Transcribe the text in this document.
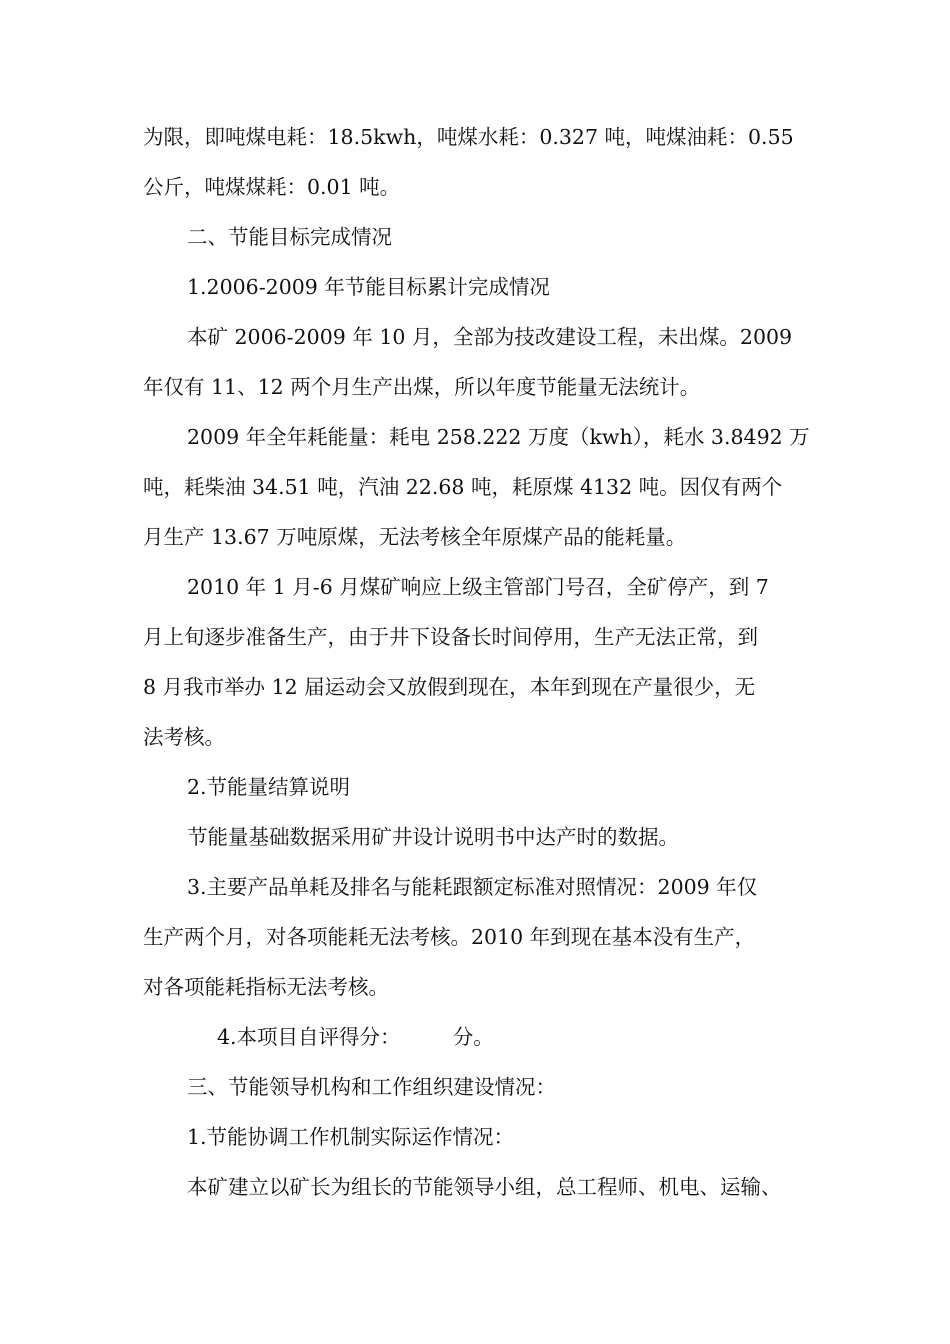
为限，即吨煤电耗：18.5kwh，吨煤水耗：0.327 吨，吨煤油耗：0.55
公斤，吨煤煤耗：0.01 吨。
二、节能目标完成情况
1.2006-2009 年节能目标累计完成情况
本矿 2006-2009 年 10 月，全部为技改建设工程，未出煤。2009
年仅有 11、12 两个月生产出煤，所以年度节能量无法统计。
2009 年全年耗能量：耗电 258.222 万度（kwh），耗水 3.8492 万
吨，耗柴油 34.51 吨，汽油 22.68 吨，耗原煤 4132 吨。因仅有两个
月生产 13.67 万吨原煤，无法考核全年原煤产品的能耗量。
2010 年 1 月-6 月煤矿响应上级主管部门号召，全矿停产，到 7
月上旬逐步准备生产，由于井下设备长时间停用，生产无法正常，到
8 月我市举办 12 届运动会又放假到现在，本年到现在产量很少，无
法考核。
2.节能量结算说明
节能量基础数据采用矿井设计说明书中达产时的数据。
3.主要产品单耗及排名与能耗跟额定标准对照情况：2009 年仅
生产两个月，对各项能耗无法考核。2010 年到现在基本没有生产，
对各项能耗指标无法考核。
4.本项目自评得分：        分。
三、节能领导机构和工作组织建设情况：
1.节能协调工作机制实际运作情况：
本矿建立以矿长为组长的节能领导小组，总工程师、机电、运输、
